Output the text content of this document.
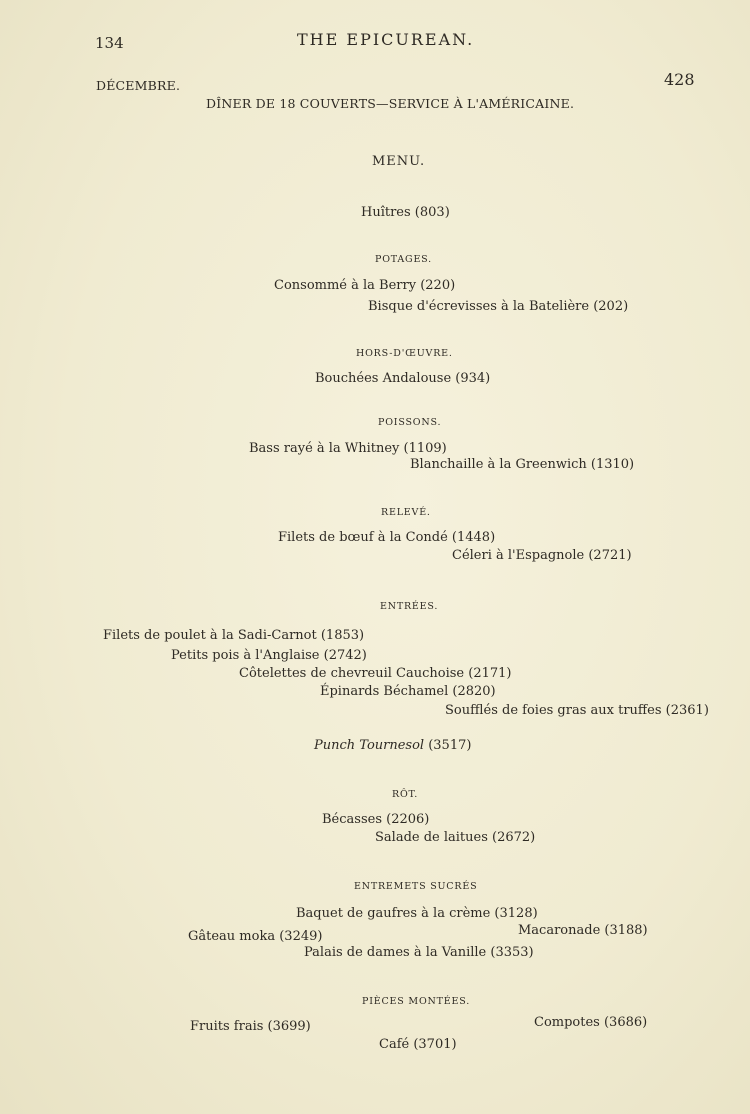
134	THE EPICUREAN.
DÉCEMBRE.	428
DÎNER DE 18 COUVERTS—SERVICE À L'AMÉRICAINE.
MENU.
Huîtres (803)
POTAGES.
Consommé à la Berry (220)
Bisque d'écrevisses à la Batelière (202)
HORS-D'ŒUVRE.
Bouchées Andalouse (934)
POISSONS.
Bass rayé à la Whitney (1109)
Blanchaille à la Greenwich (1310)
RELEVÉ.
Filets de bœuf à la Condé (1448)
Céleri à l'Espagnole (2721)
ENTRÉES.
Filets de poulet à la Sadi-Carnot (1853)
Petits pois à l'Anglaise (2742)
Côtelettes de chevreuil Cauchoise (2171)
Épinards Béchamel (2820)
Soufflés de foies gras aux truffes (2361)
Punch Tournesol (3517)
RÔT.
Bécasses (2206)
Salade de laitues (2672)
ENTREMETS SUCRÉS
Baquet de gaufres à la crème (3128)
Gâteau moka (3249)	Macaronade (3188)
Palais de dames à la Vanille (3353)
PIÈCES MONTÉES.
Fruits frais (3699)	Compotes (3686)
Café (3701)
